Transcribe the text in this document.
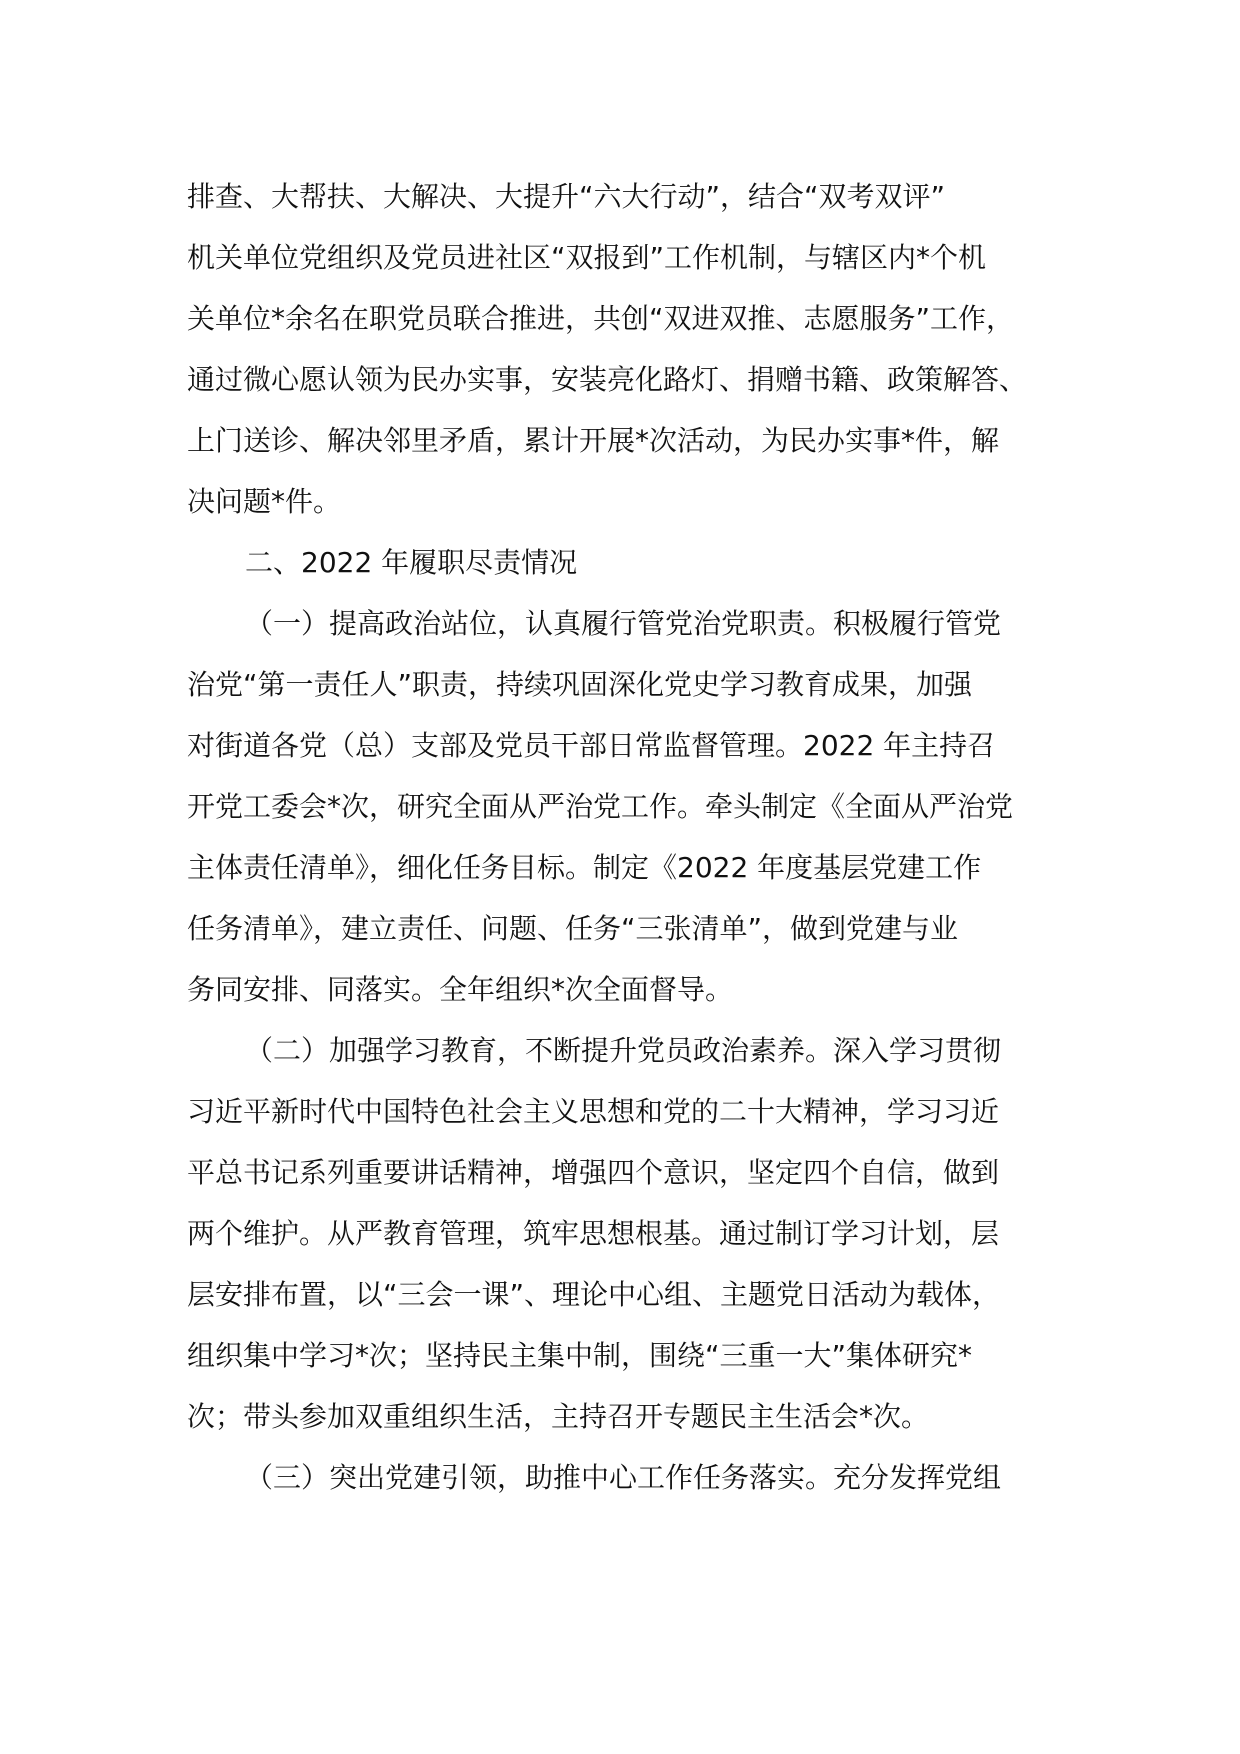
排查、大帮扶、大解决、大提升“六大行动”，结合“双考双评”
机关单位党组织及党员进社区“双报到”工作机制，与辖区内*个机
关单位*余名在职党员联合推进，共创“双进双推、志愿服务”工作，
通过微心愿认领为民办实事，安装亮化路灯、捐赠书籍、政策解答、
上门送诊、解决邻里矛盾，累计开展*次活动，为民办实事*件，解
决问题*件。
二、2022 年履职尽责情况
（一）提高政治站位，认真履行管党治党职责。积极履行管党
治党“第一责任人”职责，持续巩固深化党史学习教育成果，加强
对街道各党（总）支部及党员干部日常监督管理。2022 年主持召
开党工委会*次，研究全面从严治党工作。牵头制定《全面从严治党
主体责任清单》，细化任务目标。制定《2022 年度基层党建工作
任务清单》，建立责任、问题、任务“三张清单”，做到党建与业
务同安排、同落实。全年组织*次全面督导。
（二）加强学习教育，不断提升党员政治素养。深入学习贯彻
习近平新时代中国特色社会主义思想和党的二十大精神，学习习近
平总书记系列重要讲话精神，增强四个意识，坚定四个自信，做到
两个维护。从严教育管理，筑牢思想根基。通过制订学习计划，层
层安排布置，以“三会一课”、理论中心组、主题党日活动为载体，
组织集中学习*次；坚持民主集中制，围绕“三重一大”集体研究*
次；带头参加双重组织生活，主持召开专题民主生活会*次。
（三）突出党建引领，助推中心工作任务落实。充分发挥党组
